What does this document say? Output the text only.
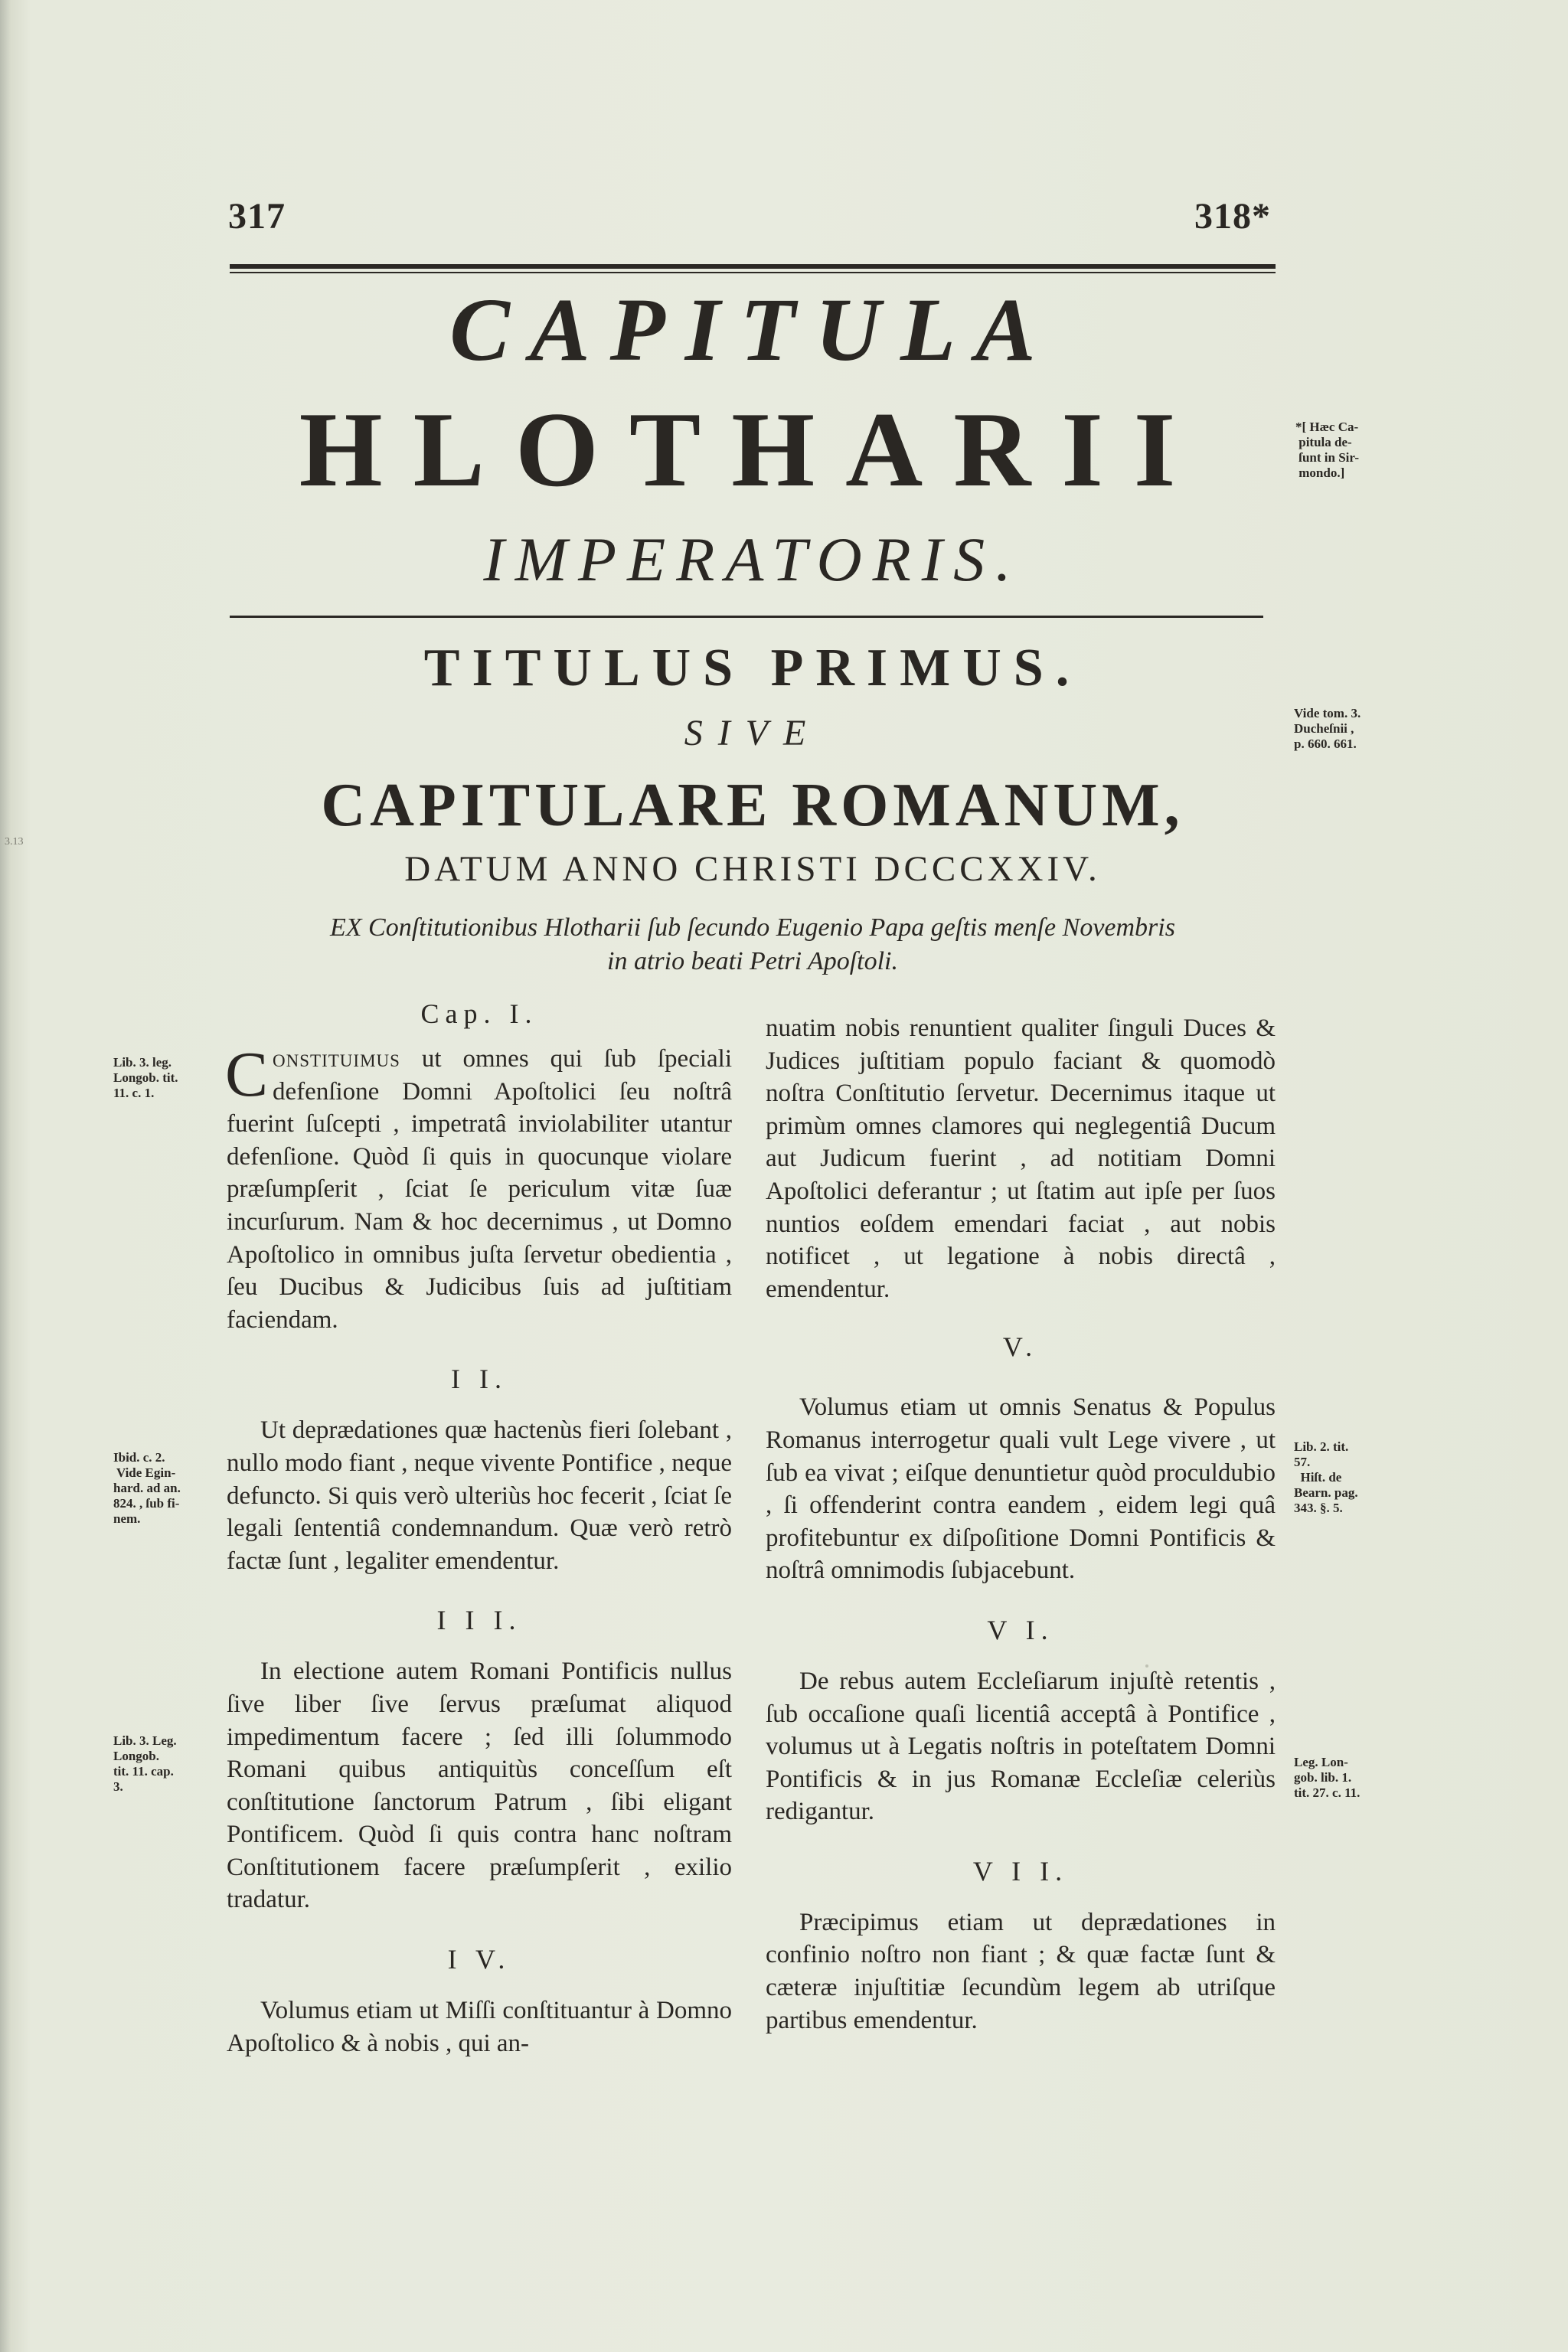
317	318*
CAPITULA
HLOTHARII
IMPERATORIS.
TITULUS PRIMUS.
SIVE
CAPITULARE ROMANUM,
DATUM ANNO CHRISTI DCCCXXIV.
EX Conſtitutionibus Hlotharii ſub ſecundo Eugenio Papa geſtis menſe Novembris
in atrio beati Petri Apoſtoli.
Cap. I.

Constituimus ut omnes qui ſub ſpeciali defenſione Domni Apoſtolici ſeu noſtrâ fuerint ſuſcepti , impetratâ inviolabiliter utantur defenſione. Quòd ſi quis in quocunque violare præſumpſerit , ſciat ſe periculum vitæ ſuæ incurſurum. Nam & hoc decernimus , ut Domno Apoſtolico in omnibus juſta ſervetur obedientia , ſeu Ducibus & Judicibus ſuis ad juſtitiam faciendam.

I I.

Ut deprædationes quæ hactenùs fieri ſolebant , nullo modo fiant , neque vivente Pontifice , neque defuncto. Si quis verò ulteriùs hoc fecerit , ſciat ſe legali ſententiâ condemnandum. Quæ verò retrò factæ ſunt , legaliter emendentur.

I I I.

In electione autem Romani Pontificis nullus ſive liber ſive ſervus præſumat aliquod impedimentum facere ; ſed illi ſolummodo Romani quibus antiquitùs conceſſum eſt conſtitutione ſanctorum Patrum , ſibi eligant Pontificem. Quòd ſi quis contra hanc noſtram Conſtitutionem facere præſumpſerit , exilio tradatur.

I V.

Volumus etiam ut Miſſi conſtituantur à Domno Apoſtolico & à nobis , qui an-

nuatim nobis renuntient qualiter ſinguli Duces & Judices juſtitiam populo faciant & quomodò noſtra Conſtitutio ſervetur. Decernimus itaque ut primùm omnes clamores qui neglegentiâ Ducum aut Judicum fuerint , ad notitiam Domni Apoſtolici deferantur ; ut ſtatim aut ipſe per ſuos nuntios eoſdem emendari faciat , aut nobis notificet , ut legatione à nobis directâ , emendentur.

V.

Volumus etiam ut omnis Senatus & Populus Romanus interrogetur quali vult Lege vivere , ut ſub ea vivat ; eiſque denuntietur quòd proculdubio , ſi offenderint contra eandem , eidem legi quâ profitebuntur ex diſpoſitione Domni Pontificis & noſtrâ omnimodis ſubjacebunt.

V I.

De rebus autem Eccleſiarum injuſtè retentis , ſub occaſione quaſi licentiâ acceptâ à Pontifice , volumus ut à Legatis noſtris in poteſtatem Domni Pontificis & in jus Romanæ Eccleſiæ celeriùs redigantur.

V I I.

Præcipimus etiam ut deprædationes in confinio noſtro non fiant ; & quæ factæ ſunt & cæteræ injuſtitiæ ſecundùm legem ab utriſque partibus emendentur.

*[ Hæc Ca-
pitula de-
ſunt in Sir-
mondo.]
Vide tom. 3.
Ducheſnii ,
p. 660. 661.
Lib. 3. leg.
Longob. tit.
11. c. 1.
Ibid. c. 2.
Vide Egin-
hard. ad an.
824. , ſub fi-
nem.
Lib. 3. Leg.
Longob.
tit. 11. cap.
3.
Lib. 2. tit.
57.
Hiſt. de
Bearn. pag.
343. §. 5.
Leg. Lon-
gob. lib. 1.
tit. 27. c. 11.
3.13
